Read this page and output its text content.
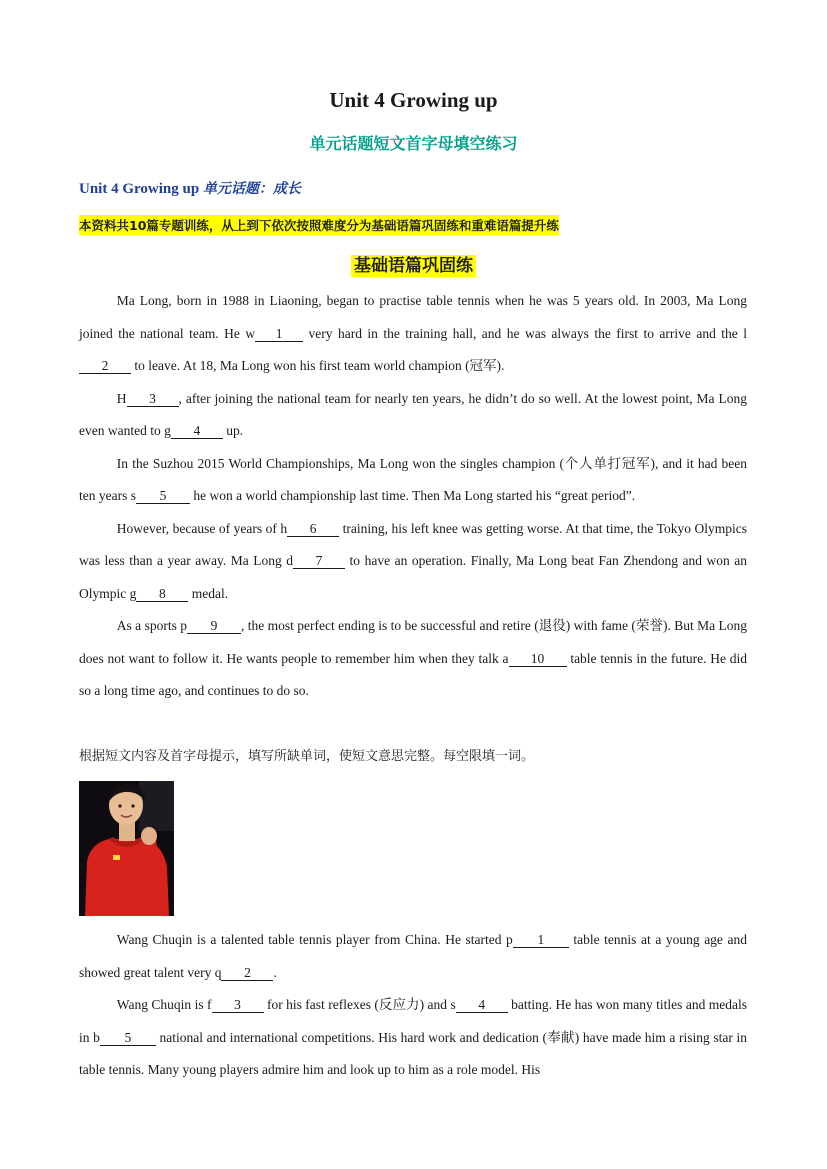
Unit 4 Growing up
单元话题短文首字母填空练习
Unit 4 Growing up 单元话题：成长
本资料共10篇专题训练，从上到下依次按照难度分为基础语篇巩固练和重难语篇提升练
基础语篇巩固练

Ma Long, born in 1988 in Liaoning, began to practise table tennis when he was 5 years old. In 2003, Ma Long joined the national team. He w 1 very hard in the training hall, and he was always the first to arrive and the l2 to leave. At 18, Ma Long won his first team world champion (冠军).

H 3 , after joining the national team for nearly ten years, he didn’t do so well. At the lowest point, Ma Long even wanted to g 4 up.

In the Suzhou 2015 World Championships, Ma Long won the singles champion (个人单打冠军), and it had been ten years s 5 he won a world championship last time. Then Ma Long started his “great period”.

However, because of years of h 6 training, his left knee was getting worse. At that time, the Tokyo Olympics was less than a year away. Ma Long d 7 to have an operation. Finally, Ma Long beat Fan Zhendong and won an Olympic g 8 medal.

As a sports p 9 , the most perfect ending is to be successful and retire (退役) with fame (荣誉). But Ma Long does not want to follow it. He wants people to remember him when they talk a 10 table tennis in the future. He did so a long time ago, and continues to do so.

根据短文内容及首字母提示，填写所缺单词，使短文意思完整。每空限填一词。

Wang Chuqin is a talented table tennis player from China. He started p 1 table tennis at a young age and showed great talent very q 2 .

Wang Chuqin is f 3 for his fast reflexes (反应力) and s 4 batting. He has won many titles and medals in b 5 national and international competitions. His hard work and dedication (奉献) have made him a rising star in table tennis. Many young players admire him and look up to him as a role model. His
